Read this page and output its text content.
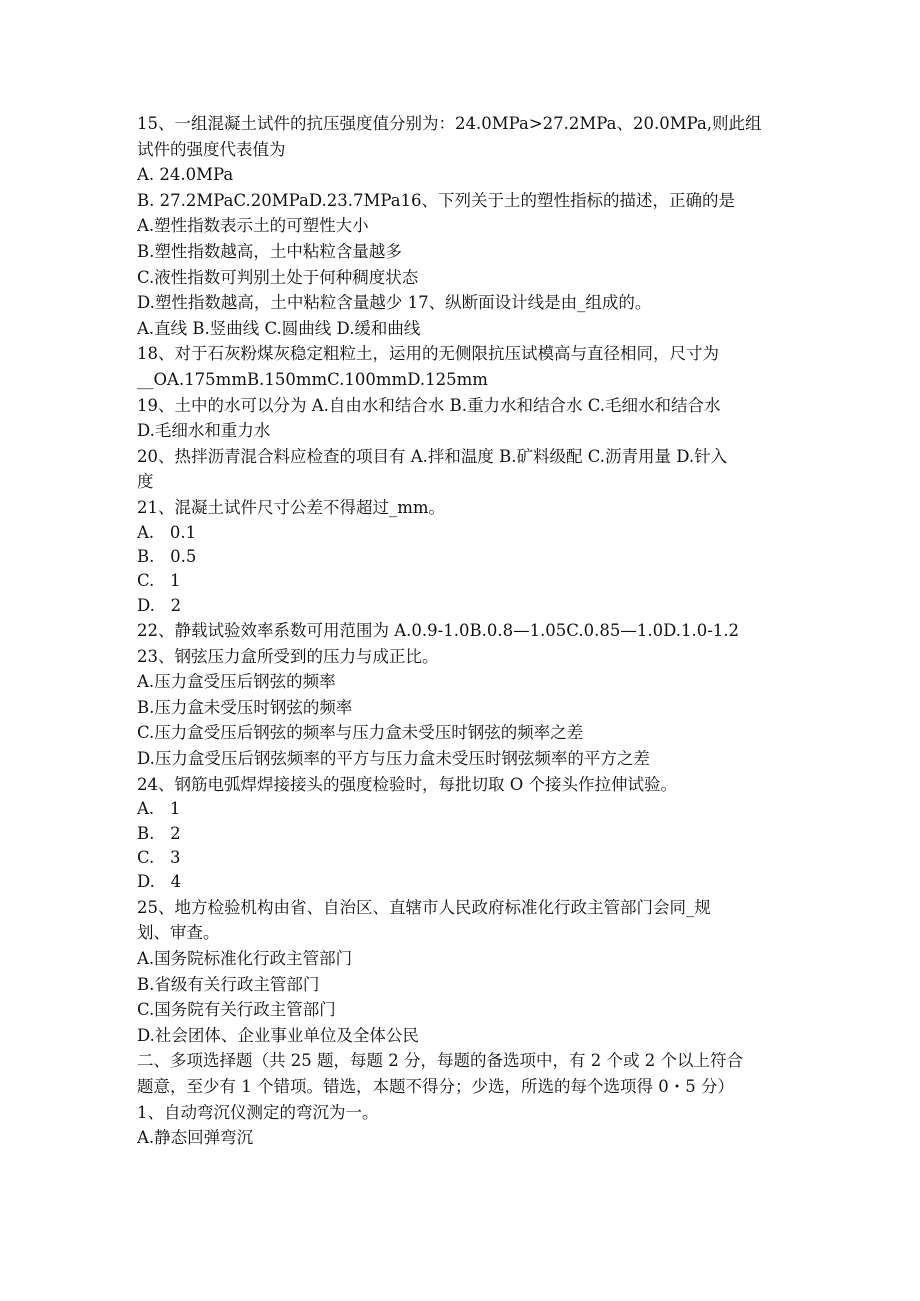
15、一组混凝土试件的抗压强度值分别为：24.0MPa>27.2MPa、20.0MPa,则此组
试件的强度代表值为
A. 24.0MPa
B. 27.2MPaC.20MPaD.23.7MPa16、下列关于土的塑性指标的描述，正确的是
A.塑性指数表示土的可塑性大小
B.塑性指数越高，土中粘粒含量越多
C.液性指数可判别土处于何种稠度状态
D.塑性指数越高，土中粘粒含量越少 17、纵断面设计线是由_组成的。
A.直线 B.竖曲线 C.圆曲线 D.缓和曲线
18、对于石灰粉煤灰稳定粗粒土，运用的无侧限抗压试模高与直径相同，尺寸为
__OA.175mmB.150mmC.100mmD.125mm
19、土中的水可以分为 A.自由水和结合水 B.重力水和结合水 C.毛细水和结合水
D.毛细水和重力水
20、热拌沥青混合料应检查的项目有 A.拌和温度 B.矿料级配 C.沥青用量 D.针入
度
21、混凝土试件尺寸公差不得超过_mm。
A.   0.1
B.   0.5
C.   1
D.   2
22、静载试验效率系数可用范围为 A.0.9-1.0B.0.8—1.05C.0.85—1.0D.1.0-1.2
23、钢弦压力盒所受到的压力与成正比。
A.压力盒受压后钢弦的频率
B.压力盒未受压时钢弦的频率
C.压力盒受压后钢弦的频率与压力盒未受压时钢弦的频率之差
D.压力盒受压后钢弦频率的平方与压力盒未受压时钢弦频率的平方之差
24、钢筋电弧焊焊接接头的强度检验时，每批切取 O 个接头作拉伸试验。
A.   1
B.   2
C.   3
D.   4
25、地方检验机构由省、自治区、直辖市人民政府标准化行政主管部门会同_规
划、审查。
A.国务院标准化行政主管部门
B.省级有关行政主管部门
C.国务院有关行政主管部门
D.社会团体、企业事业单位及全体公民
二、多项选择题（共 25 题，每题 2 分，每题的备选项中，有 2 个或 2 个以上符合
题意，至少有 1 个错项。错选，本题不得分；少选，所选的每个选项得 0・5 分）
1、自动弯沉仪测定的弯沉为一。
A.静态回弹弯沉
